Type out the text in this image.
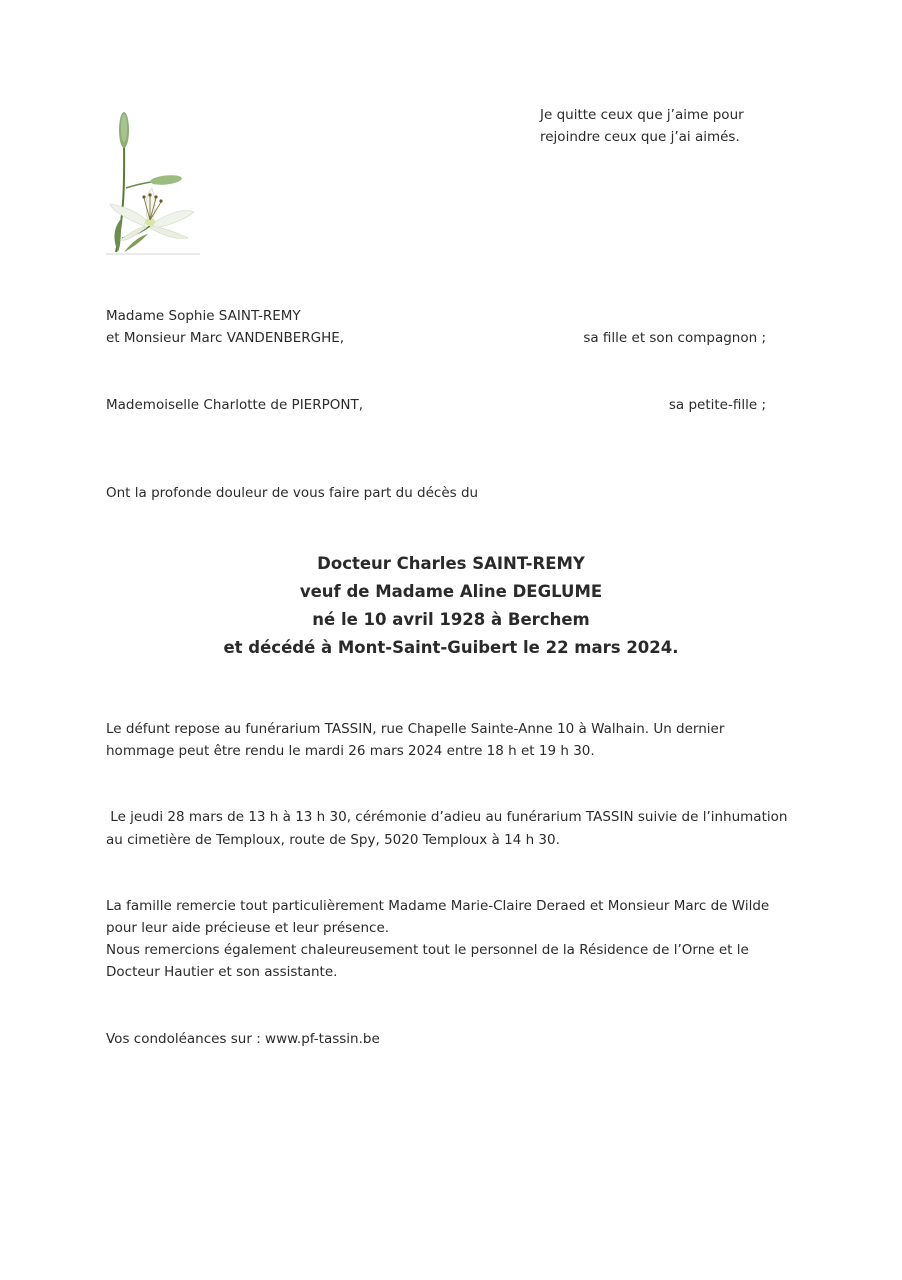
Je quitte ceux que j’aime pour

rejoindre ceux que j’ai aimés.

Madame Sophie SAINT-REMY

et Monsieur Marc VANDENBERGHE,	sa fille et son compagnon ;

Mademoiselle Charlotte de PIERPONT,	sa petite-fille ;

Ont la profonde douleur de vous faire part du décès du

Docteur Charles SAINT-REMY
veuf de Madame Aline DEGLUME
né le 10 avril 1928 à Berchem
et décédé à Mont-Saint-Guibert le 22 mars 2024.

Le défunt repose au funérarium TASSIN, rue Chapelle Sainte-Anne 10 à Walhain. Un dernier

hommage peut être rendu le mardi 26 mars 2024 entre 18 h et 19 h 30.

Le jeudi 28 mars de 13 h à 13 h 30, cérémonie d’adieu au funérarium TASSIN suivie de l’inhumation

au cimetière de Temploux, route de Spy, 5020 Temploux à 14 h 30.

La famille remercie tout particulièrement Madame Marie-Claire Deraed et Monsieur Marc de Wilde

pour leur aide précieuse et leur présence.

Nous remercions également chaleureusement tout le personnel de la Résidence de l’Orne et le

Docteur Hautier et son assistante.

Vos condoléances sur : www.pf-tassin.be
